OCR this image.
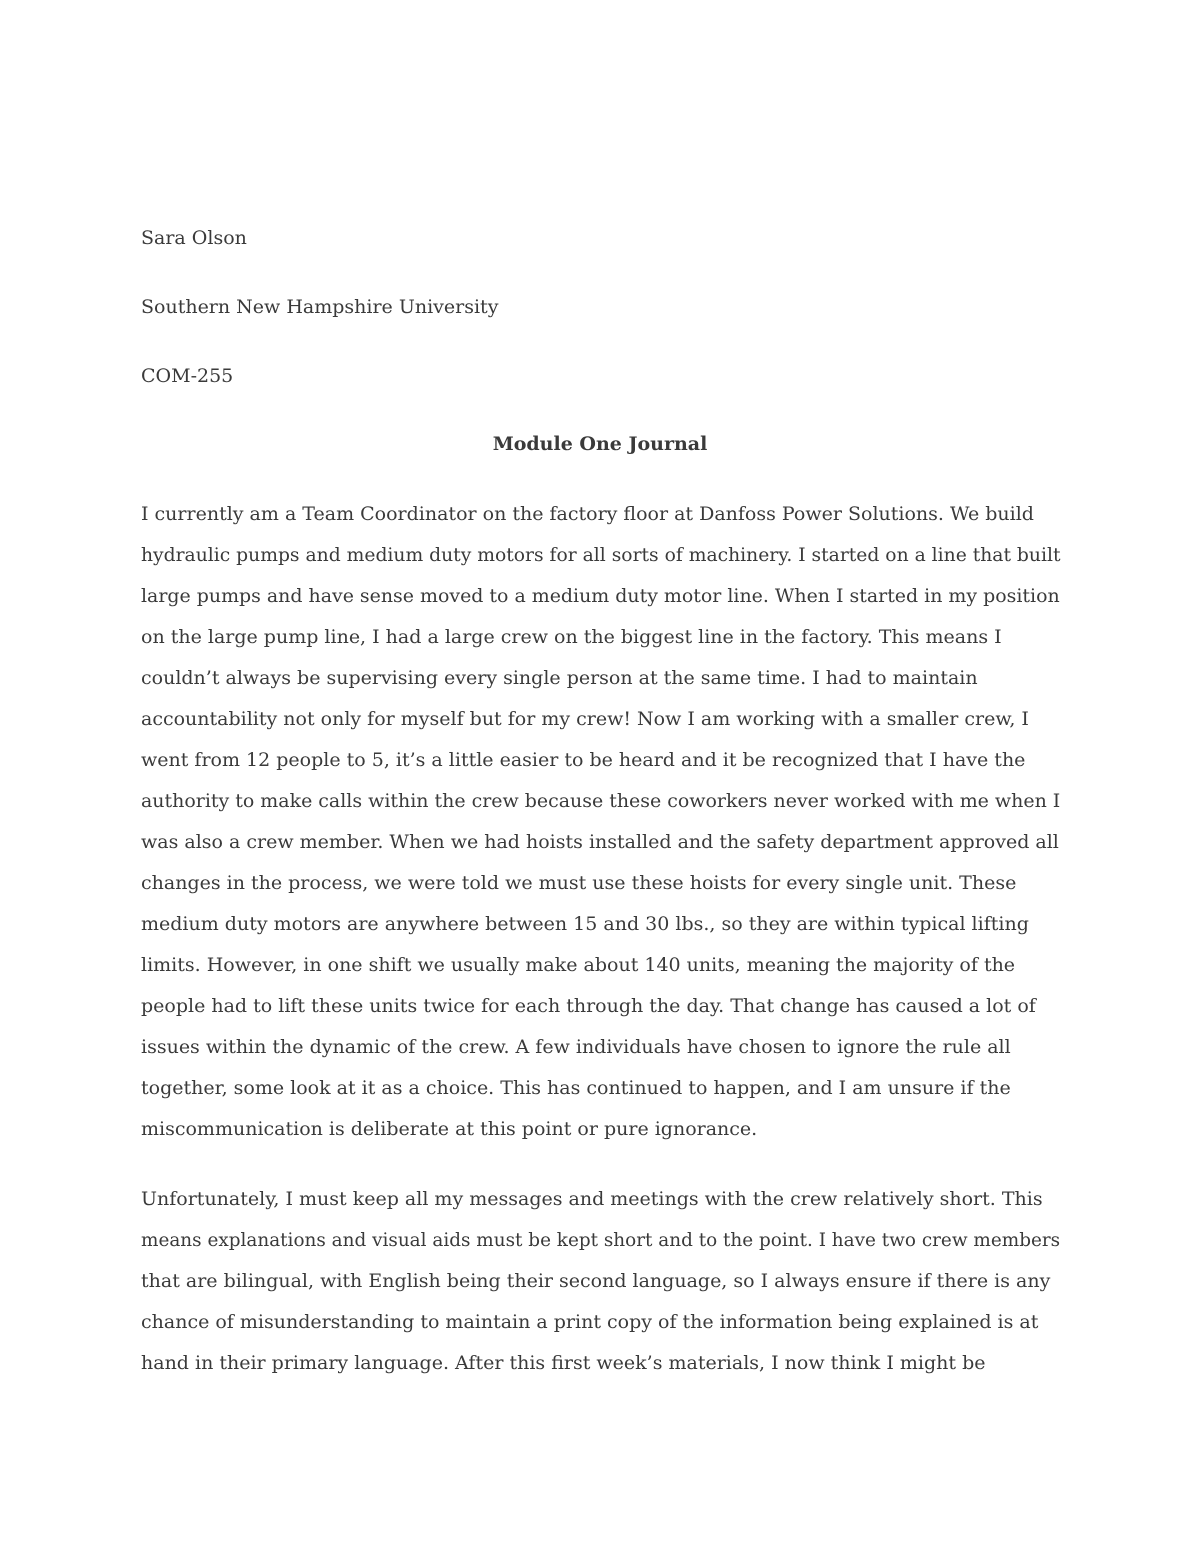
Sara Olson
Southern New Hampshire University
COM-255
Module One Journal
I currently am a Team Coordinator on the factory floor at Danfoss Power Solutions. We build
hydraulic pumps and medium duty motors for all sorts of machinery. I started on a line that built
large pumps and have sense moved to a medium duty motor line. When I started in my position
on the large pump line, I had a large crew on the biggest line in the factory. This means I
couldn’t always be supervising every single person at the same time. I had to maintain
accountability not only for myself but for my crew! Now I am working with a smaller crew, I
went from 12 people to 5, it’s a little easier to be heard and it be recognized that I have the
authority to make calls within the crew because these coworkers never worked with me when I
was also a crew member. When we had hoists installed and the safety department approved all
changes in the process, we were told we must use these hoists for every single unit. These
medium duty motors are anywhere between 15 and 30 lbs., so they are within typical lifting
limits. However, in one shift we usually make about 140 units, meaning the majority of the
people had to lift these units twice for each through the day. That change has caused a lot of
issues within the dynamic of the crew. A few individuals have chosen to ignore the rule all
together, some look at it as a choice. This has continued to happen, and I am unsure if the
miscommunication is deliberate at this point or pure ignorance.
Unfortunately, I must keep all my messages and meetings with the crew relatively short. This
means explanations and visual aids must be kept short and to the point. I have two crew members
that are bilingual, with English being their second language, so I always ensure if there is any
chance of misunderstanding to maintain a print copy of the information being explained is at
hand in their primary language. After this first week’s materials, I now think I might be
